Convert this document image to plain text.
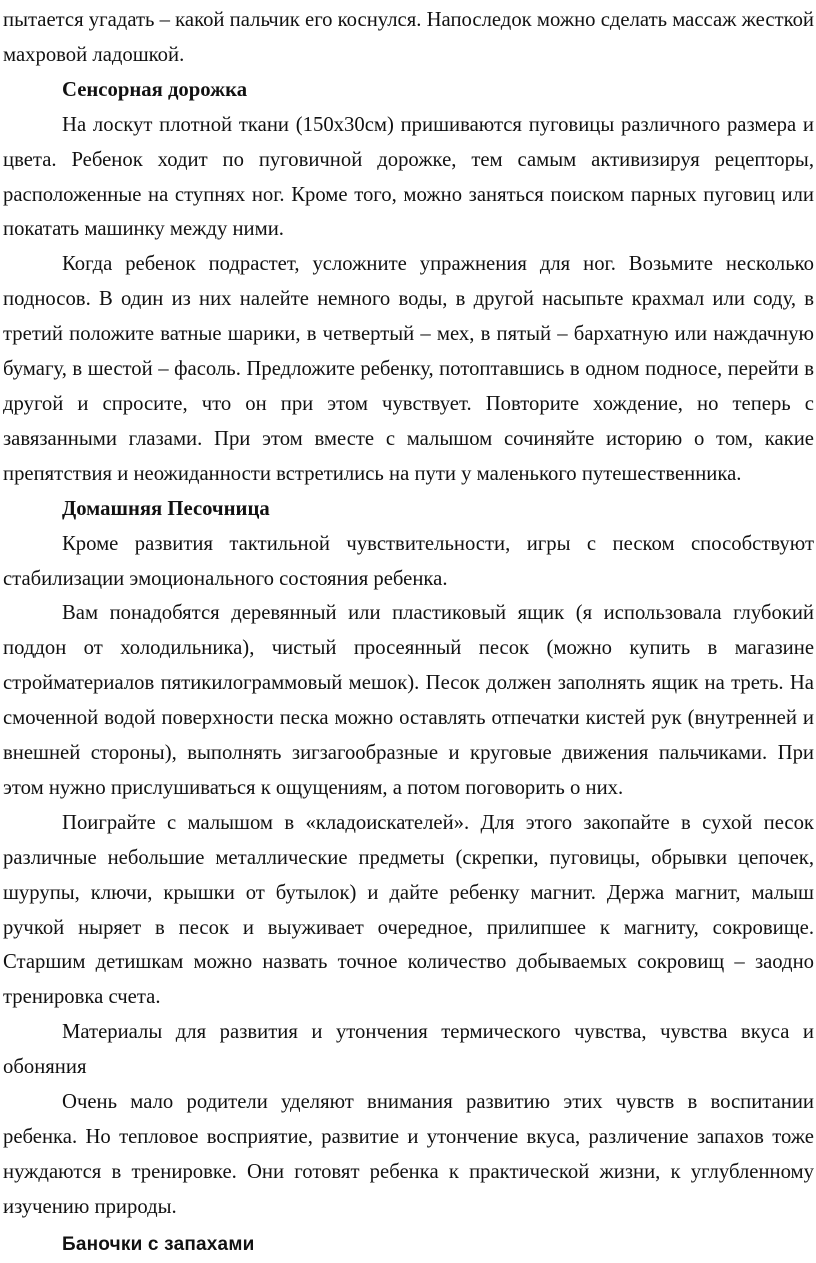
пытается угадать – какой пальчик его коснулся. Напоследок можно сделать массаж жесткой махровой ладошкой.

Сенсорная дорожка

На лоскут плотной ткани (150х30см) пришиваются пуговицы различного размера и цвета. Ребенок ходит по пуговичной дорожке, тем самым активизируя рецепторы, расположенные на ступнях ног. Кроме того, можно заняться поиском парных пуговиц или покатать машинку между ними.

Когда ребенок подрастет, усложните упражнения для ног. Возьмите несколько подносов. В один из них налейте немного воды, в другой насыпьте крахмал или соду, в третий положите ватные шарики, в четвертый – мех, в пятый – бархатную или наждачную бумагу, в шестой – фасоль. Предложите ребенку, потоптавшись в одном подносе, перейти в другой и спросите, что он при этом чувствует. Повторите хождение, но теперь с завязанными глазами. При этом вместе с малышом сочиняйте историю о том, какие препятствия и неожиданности встретились на пути у маленького путешественника.

Домашняя Песочница

Кроме развития тактильной чувствительности, игры с песком способствуют стабилизации эмоционального состояния ребенка.

Вам понадобятся деревянный или пластиковый ящик (я использовала глубокий поддон от холодильника), чистый просеянный песок (можно купить в магазине стройматериалов пятикилограммовый мешок). Песок должен заполнять ящик на треть. На смоченной водой поверхности песка можно оставлять отпечатки кистей рук (внутренней и внешней стороны), выполнять зигзагообразные и круговые движения пальчиками. При этом нужно прислушиваться к ощущениям, а потом поговорить о них.

Поиграйте с малышом в «кладоискателей». Для этого закопайте в сухой песок различные небольшие металлические предметы (скрепки, пуговицы, обрывки цепочек, шурупы, ключи, крышки от бутылок) и дайте ребенку магнит. Держа магнит, малыш ручкой ныряет в песок и выуживает очередное, прилипшее к магниту, сокровище. Старшим детишкам можно назвать точное количество добываемых сокровищ – заодно тренировка счета.

Материалы для развития и утончения термического чувства, чувства вкуса и обоняния

Очень мало родители уделяют внимания развитию этих чувств в воспитании ребенка. Но тепловое восприятие, развитие и утончение вкуса, различение запахов тоже нуждаются в тренировке. Они готовят ребенка к практической жизни, к углубленному изучению природы.

Баночки с запахами
